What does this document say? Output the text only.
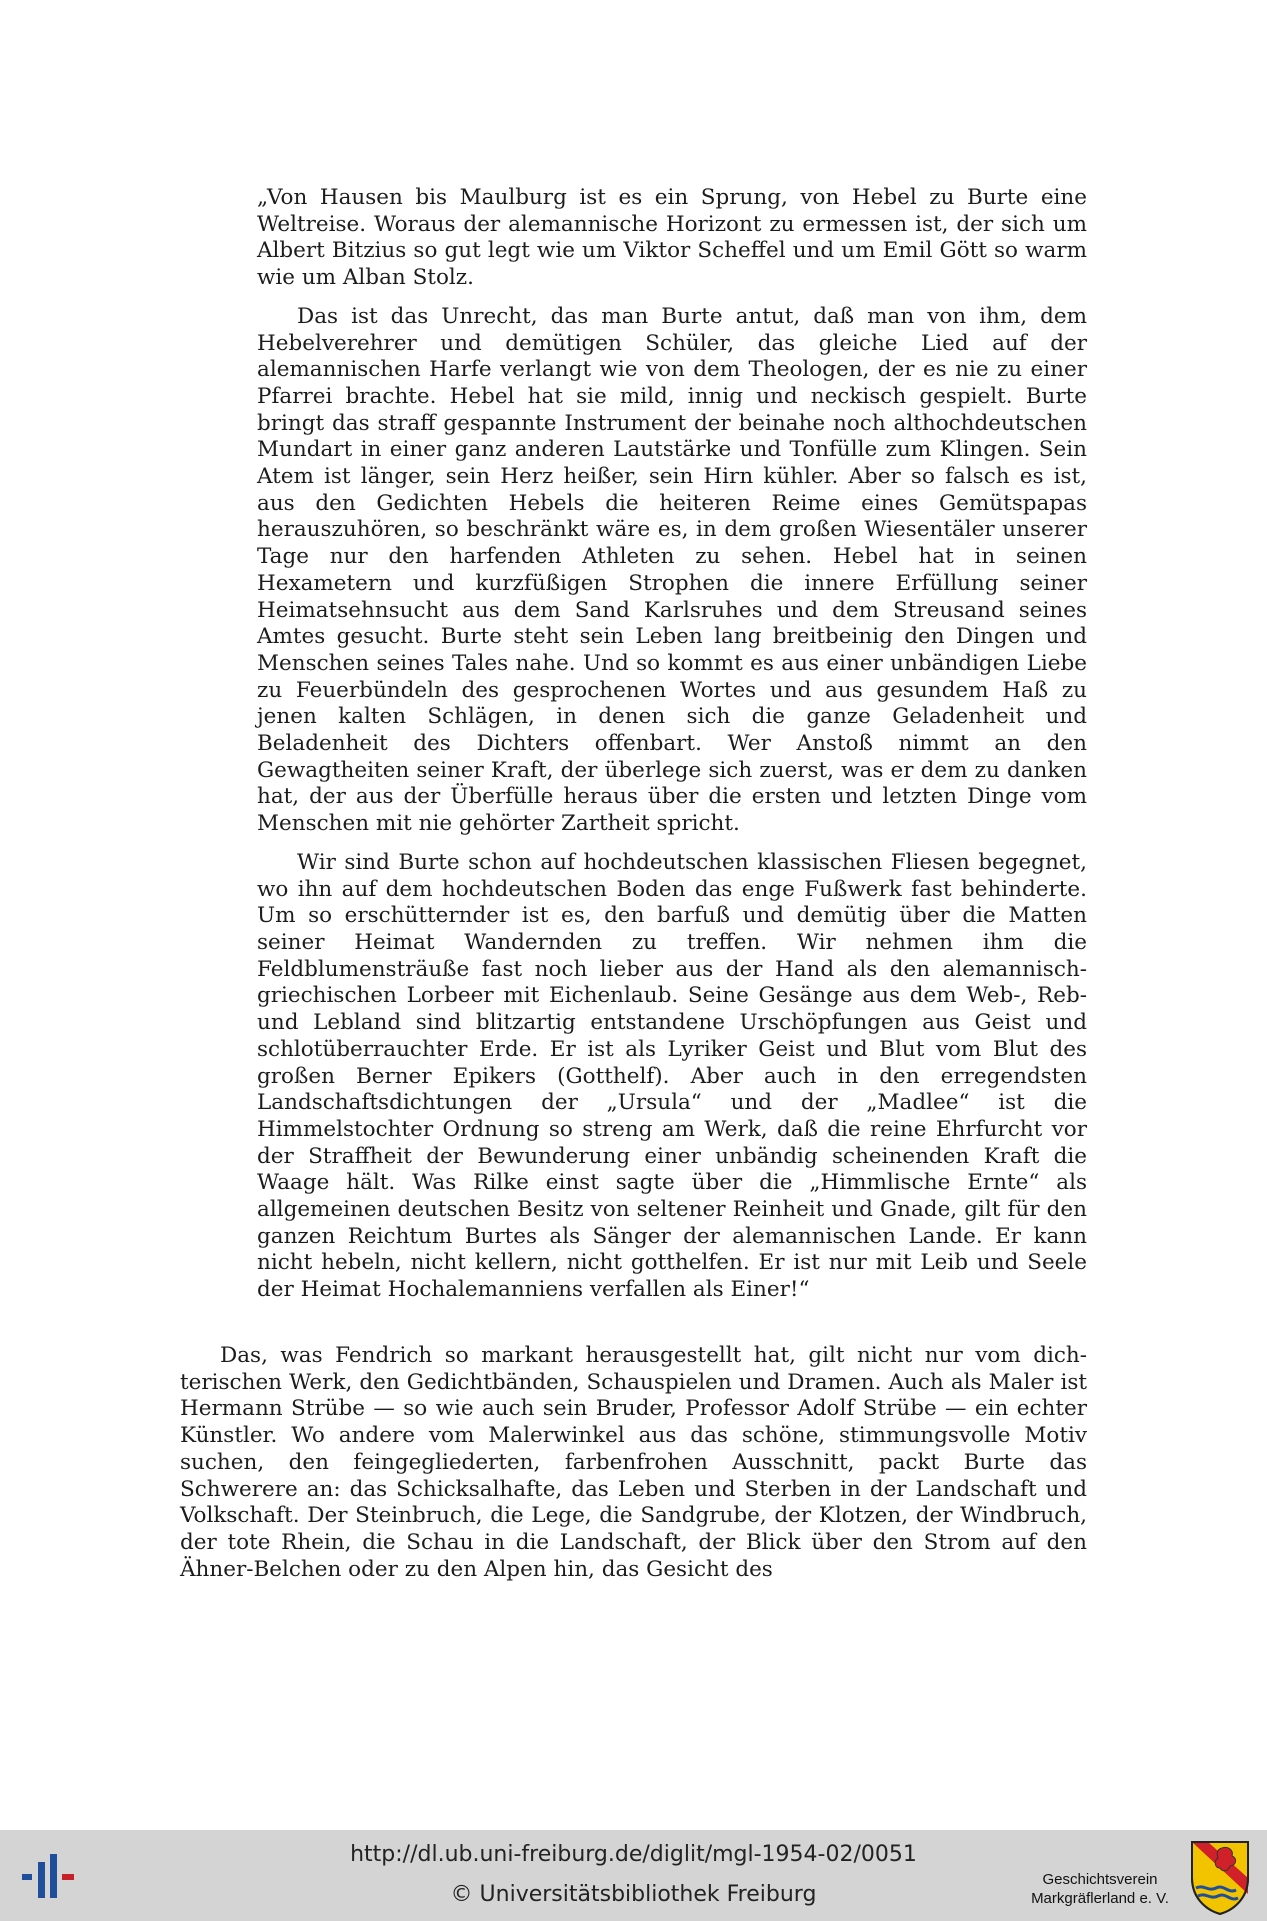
„Von Hausen bis Maulburg ist es ein Sprung, von Hebel zu Burte eine Weltreise. Woraus der alemannische Horizont zu ermessen ist, der sich um Albert Bitzius so gut legt wie um Viktor Scheffel und um Emil Gött so warm wie um Alban Stolz.

Das ist das Unrecht, das man Burte antut, daß man von ihm, dem Hebelverehrer und demütigen Schüler, das gleiche Lied auf der alemannischen Harfe verlangt wie von dem Theologen, der es nie zu einer Pfarrei brachte. Hebel hat sie mild, innig und neckisch gespielt. Burte bringt das straff gespannte Instrument der beinahe noch althochdeutschen Mundart in einer ganz anderen Lautstärke und Tonfülle zum Klingen. Sein Atem ist länger, sein Herz heißer, sein Hirn kühler. Aber so falsch es ist, aus den Gedichten Hebels die heiteren Reime eines Gemütspapas herauszuhören, so beschränkt wäre es, in dem großen Wiesentäler unserer Tage nur den harfenden Athleten zu sehen. Hebel hat in seinen Hexametern und kurzfüßigen Strophen die innere Erfüllung seiner Heimatsehnsucht aus dem Sand Karlsruhes und dem Streusand seines Amtes gesucht. Burte steht sein Leben lang breitbeinig den Dingen und Menschen seines Tales nahe. Und so kommt es aus einer unbändigen Liebe zu Feuerbündeln des gesprochenen Wortes und aus gesundem Haß zu jenen kalten Schlägen, in denen sich die ganze Geladenheit und Beladenheit des Dichters offenbart. Wer Anstoß nimmt an den Gewagtheiten seiner Kraft, der überlege sich zuerst, was er dem zu danken hat, der aus der Überfülle heraus über die ersten und letzten Dinge vom Menschen mit nie gehörter Zartheit spricht.

Wir sind Burte schon auf hochdeutschen klassischen Fliesen begegnet, wo ihn auf dem hochdeutschen Boden das enge Fußwerk fast behinderte. Um so erschütternder ist es, den barfuß und demütig über die Matten seiner Heimat Wandernden zu treffen. Wir nehmen ihm die Feldblumensträuße fast noch lieber aus der Hand als den alemannisch-griechischen Lorbeer mit Eichenlaub. Seine Gesänge aus dem Web-, Reb- und Lebland sind blitzartig entstandene Urschöpfungen aus Geist und schlotüberrauchter Erde. Er ist als Lyriker Geist und Blut vom Blut des großen Berner Epikers (Gotthelf). Aber auch in den erregendsten Landschaftsdichtungen der „Ursula“ und der „Madlee“ ist die Himmelstochter Ordnung so streng am Werk, daß die reine Ehrfurcht vor der Straffheit der Bewunderung einer unbändig scheinenden Kraft die Waage hält. Was Rilke einst sagte über die „Himmlische Ernte“ als allgemeinen deutschen Besitz von seltener Reinheit und Gnade, gilt für den ganzen Reichtum Burtes als Sänger der alemannischen Lande. Er kann nicht hebeln, nicht kellern, nicht gotthelfen. Er ist nur mit Leib und Seele der Heimat Hochalemanniens verfallen als Einer!“

Das, was Fendrich so markant herausgestellt hat, gilt nicht nur vom dichterischen Werk, den Gedichtbänden, Schauspielen und Dramen. Auch als Maler ist Hermann Strübe — so wie auch sein Bruder, Professor Adolf Strübe — ein echter Künstler. Wo andere vom Malerwinkel aus das schöne, stimmungsvolle Motiv suchen, den feingegliederten, farbenfrohen Ausschnitt, packt Burte das Schwerere an: das Schicksalhafte, das Leben und Sterben in der Landschaft und Volkschaft. Der Steinbruch, die Lege, die Sandgrube, der Klotzen, der Windbruch, der tote Rhein, die Schau in die Landschaft, der Blick über den Strom auf den Ähner-Belchen oder zu den Alpen hin, das Gesicht des

http://dl.ub.uni-freiburg.de/diglit/mgl-1954-02/0051
© Universitätsbibliothek Freiburg
Geschichtsverein
Markgräflerland e. V.
